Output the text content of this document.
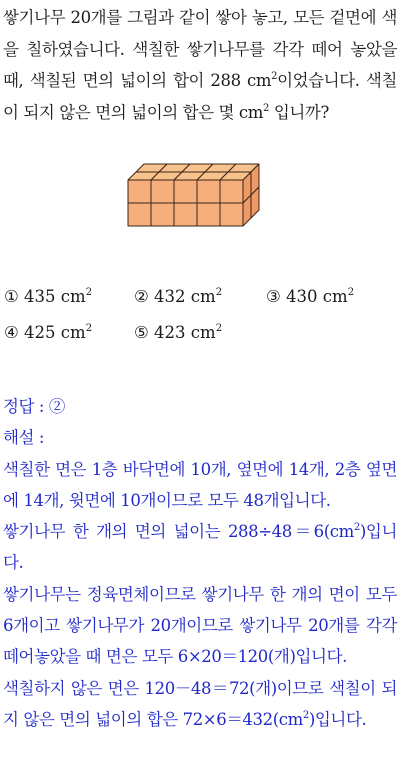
쌓기나무 20개를 그림과 같이 쌓아 놓고, 모든 겉면에 색을 칠하였습니다. 색칠한 쌓기나무를 각각 떼어 놓았을 때, 색칠된 면의 넓이의 합이 288 $cm^2$이었습니다. 색칠이 되지 않은 면의 넓이의 합은 몇 $cm^2$ 입니까?
① 435 $cm^2$	② 432 $cm^2$	③ 430 $cm^2$
④ 425 $cm^2$	⑤ 423 $cm^2$

정답 : ②

해설 :

색칠한 면은 1층 바닥면에 10개, 옆면에 14개, 2층 옆면에 14개, 윗면에 10개이므로 모두 48개입니다.

쌓기나무 한 개의 면의 넓이는 $288\div 48=6(cm^2)$입니다.

쌓기나무는 정육면체이므로 쌓기나무 한 개의 면이 모두 6개이고 쌓기나무가 20개이므로 쌓기나무 20개를 각각 떼어놓았을 때 면은 모두 6×20＝120(개)입니다.

색칠하지 않은 면은 120－48＝72(개)이므로 색칠이 되지 않은 면의 넓이의 합은 $72\times 6=432(cm^2)$입니다.
